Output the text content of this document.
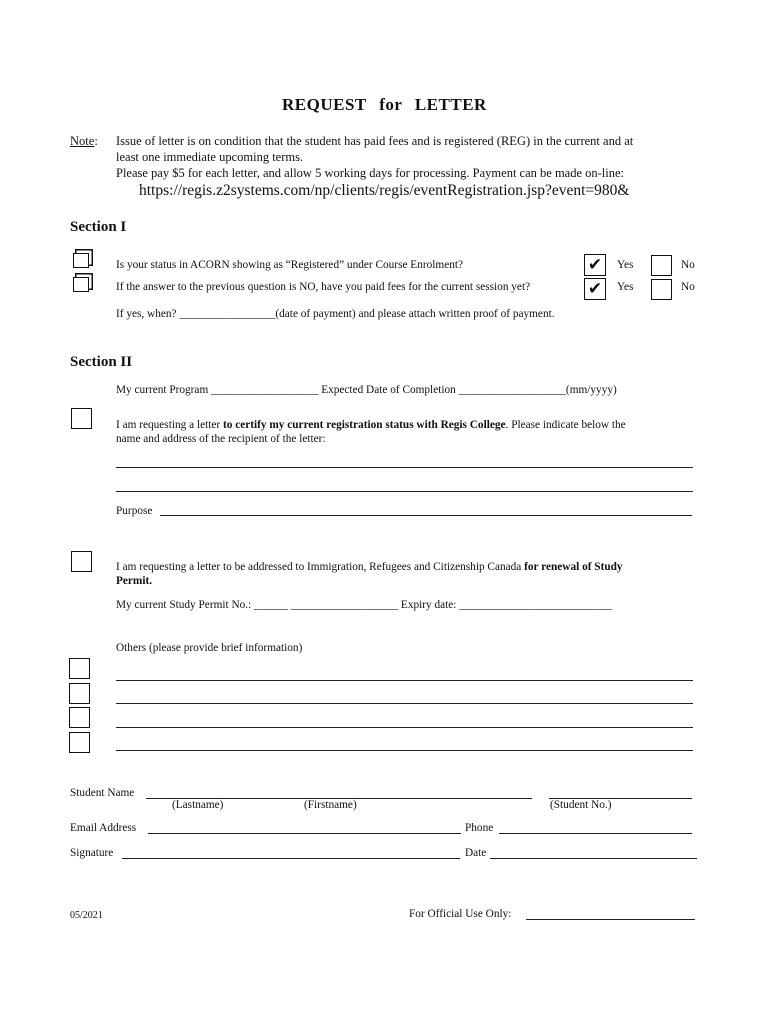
REQUEST for LETTER
Note: Issue of letter is on condition that the student has paid fees and is registered (REG) in the current and at
least one immediate upcoming terms.
Please pay $5 for each letter, and allow 5 working days for processing. Payment can be made on-line:
https://regis.z2systems.com/np/clients/regis/eventRegistration.jsp?event=980&
Section I
Is your status in ACORN showing as “Registered” under Course Enrolment?	✔	Yes	No
If the answer to the previous question is NO, have you paid fees for the current session yet?	✔	Yes	No
If yes, when? _________________(date of payment) and please attach written proof of payment.
Section II
My current Program ___________________ Expected Date of Completion ___________________(mm/yyyy)
I am requesting a letter to certify my current registration status with Regis College. Please indicate below the
name and address of the recipient of the letter:
Purpose
I am requesting a letter to be addressed to Immigration, Refugees and Citizenship Canada for renewal of Study
Permit.
My current Study Permit No.: ______ ___________________ Expiry date: ___________________________
Others (please provide brief information)
Student Name
(Lastname)	(Firstname)	(Student No.)
Email Address	Phone
Signature	Date
05/2021	For Official Use Only:
